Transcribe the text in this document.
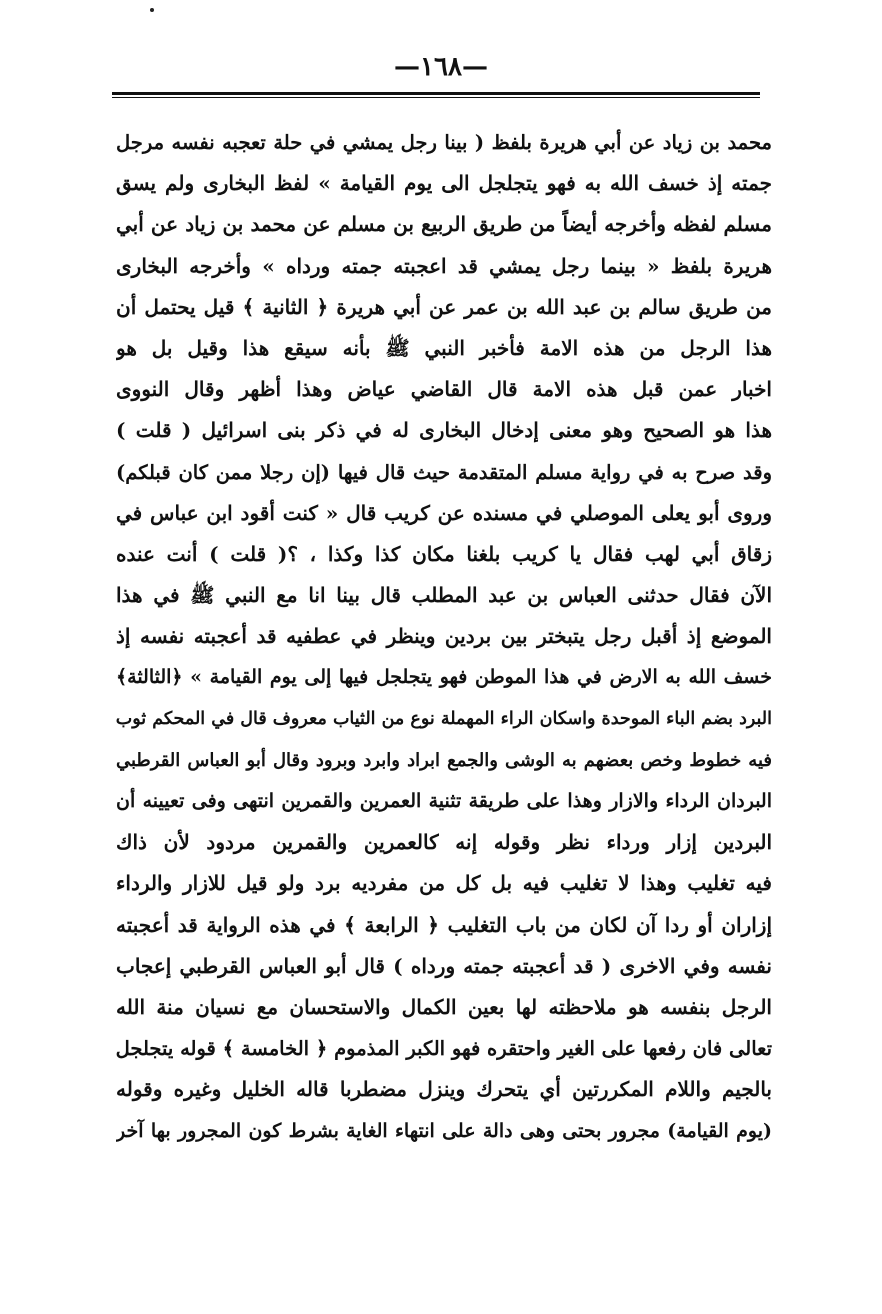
—١٦٨—
محمد بن زياد عن أبي هريرة بلفظ ( بينا رجل يمشي في حلة تعجبه نفسه مرجل
جمته إذ خسف الله به فهو يتجلجل الى يوم القيامة » لفظ البخارى ولم يسق
مسلم لفظه وأخرجه أيضاً من طريق الربيع بن مسلم عن محمد بن زياد عن أبي
هريرة بلفظ « بينما رجل يمشي قد اعجبته جمته ورداه » وأخرجه البخارى
من طريق سالم بن عبد الله بن عمر عن أبي هريرة ﴿ الثانية ﴾ قيل يحتمل أن
هذا الرجل من هذه الامة فأخبر النبي ﷺ بأنه سيقع هذا وقيل بل هو
اخبار عمن قبل هذه الامة قال القاضي عياض وهذا أظهر وقال النووى
هذا هو الصحيح وهو معنى إدخال البخارى له في ذكر بنى اسرائيل ( قلت )
وقد صرح به في رواية مسلم المتقدمة حيث قال فيها (إن رجلا ممن كان قبلكم)
وروى أبو يعلى الموصلي في مسنده عن كريب قال « كنت أقود ابن عباس في
زقاق أبي لهب فقال يا كريب بلغنا مكان كذا وكذا ، ؟( قلت ) أنت عنده
الآن فقال حدثنى العباس بن عبد المطلب قال بينا انا مع النبي ﷺ في هذا
الموضع إذ أقبل رجل يتبختر بين بردين وينظر في عطفيه قد أعجبته نفسه إذ
خسف الله به الارض في هذا الموطن فهو يتجلجل فيها إلى يوم القيامة » ﴿الثالثة﴾
البرد بضم الباء الموحدة واسكان الراء المهملة نوع من الثياب معروف قال في المحكم ثوب
فيه خطوط وخص بعضهم به الوشى والجمع ابراد وابرد وبرود وقال أبو العباس القرطبي
البردان الرداء والازار وهذا على طريقة تثنية العمرين والقمرين انتهى وفى تعيينه أن
البردين إزار ورداء نظر وقوله إنه كالعمرين والقمرين مردود لأن ذاك
فيه تغليب وهذا لا تغليب فيه بل كل من مفرديه برد ولو قيل للازار والرداء
إزاران أو ردا آن لكان من باب التغليب ﴿ الرابعة ﴾ في هذه الرواية قد أعجبته
نفسه وفي الاخرى ( قد أعجبته جمته ورداه ) قال أبو العباس القرطبي إعجاب
الرجل بنفسه هو ملاحظته لها بعين الكمال والاستحسان مع نسيان منة الله
تعالى فان رفعها على الغير واحتقره فهو الكبر المذموم ﴿ الخامسة ﴾ قوله يتجلجل
بالجيم واللام المكررتين أي يتحرك وينزل مضطربا قاله الخليل وغيره وقوله
(يوم القيامة) مجرور بحتى وهى دالة على انتهاء الغاية بشرط كون المجرور بها آخر
